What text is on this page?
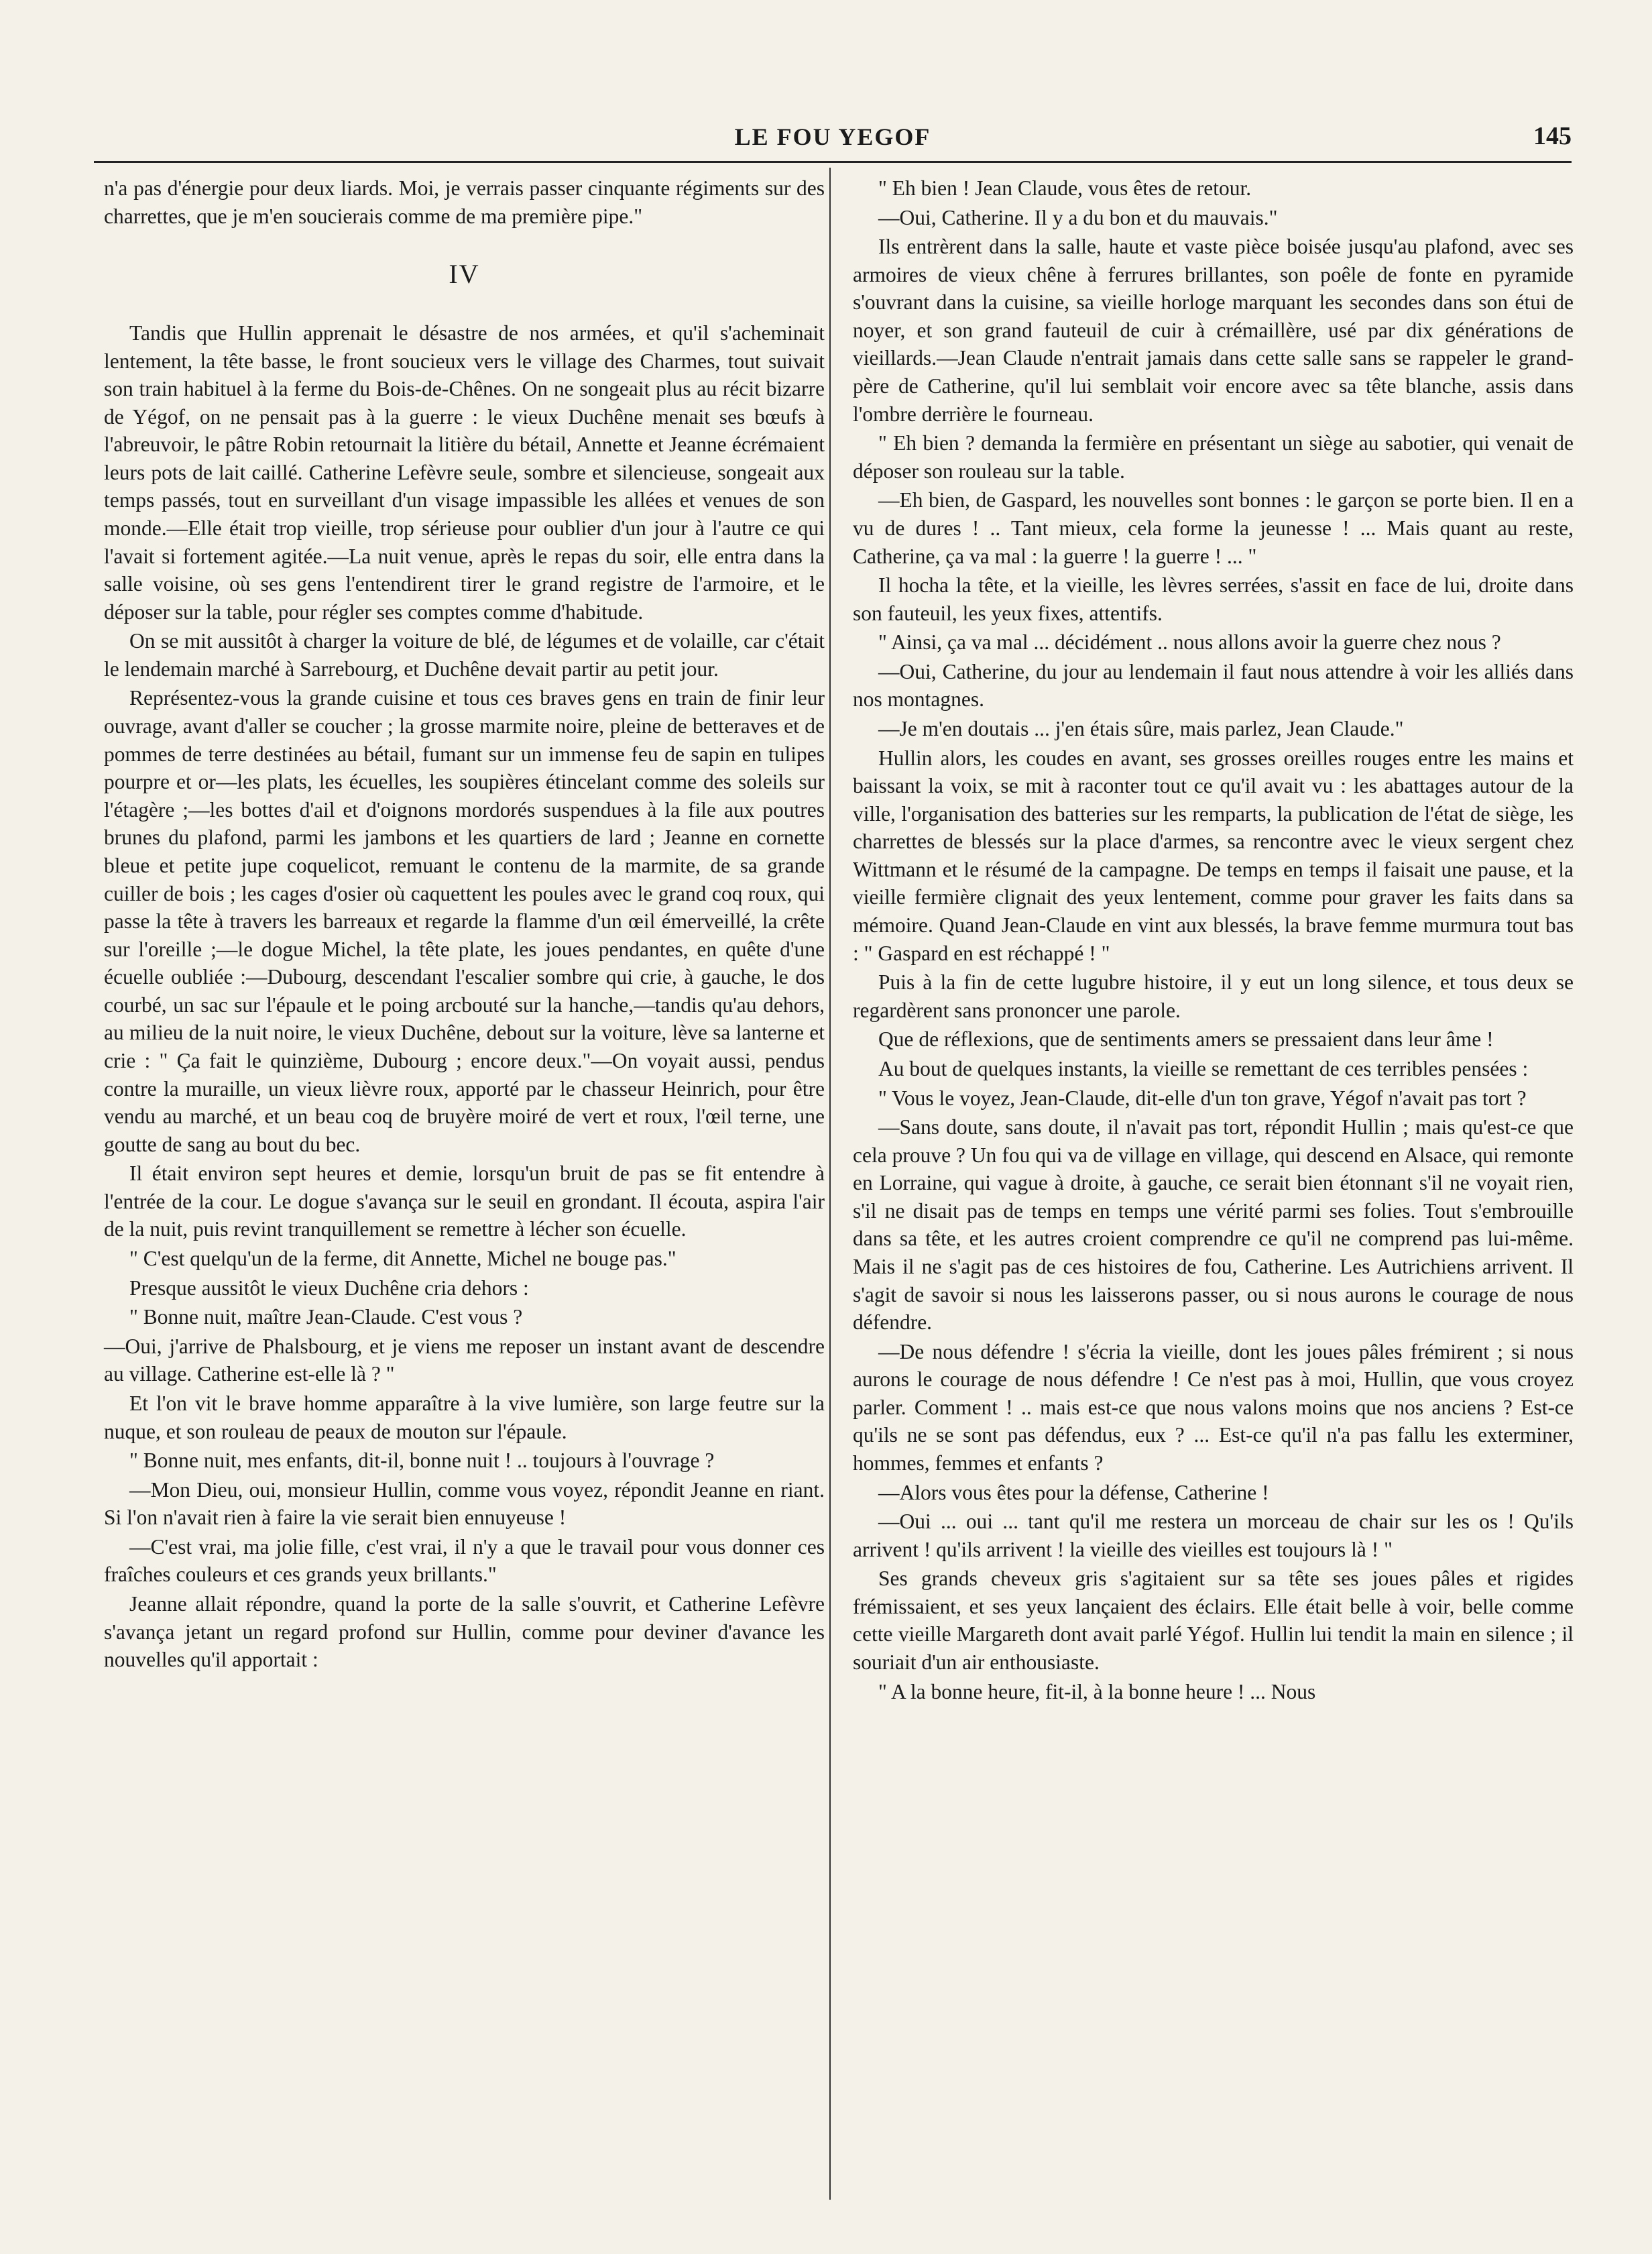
LE FOU YEGOF	145

n'a pas d'énergie pour deux liards. Moi, je verrais passer cinquante régiments sur des charrettes, que je m'en soucierais comme de ma première pipe."

IV

Tandis que Hullin apprenait le désastre de nos armées, et qu'il s'acheminait lentement, la tête basse, le front soucieux vers le village des Charmes, tout suivait son train habituel à la ferme du Bois-de-Chênes. On ne songeait plus au récit bizarre de Yégof, on ne pensait pas à la guerre : le vieux Duchêne menait ses bœufs à l'abreuvoir, le pâtre Robin retournait la litière du bétail, Annette et Jeanne écrémaient leurs pots de lait caillé. Catherine Lefèvre seule, sombre et silencieuse, songeait aux temps passés, tout en surveillant d'un visage impassible les allées et venues de son monde.—Elle était trop vieille, trop sérieuse pour oublier d'un jour à l'autre ce qui l'avait si fortement agitée.—La nuit venue, après le repas du soir, elle entra dans la salle voisine, où ses gens l'entendirent tirer le grand registre de l'armoire, et le déposer sur la table, pour régler ses comptes comme d'habitude.

On se mit aussitôt à charger la voiture de blé, de légumes et de volaille, car c'était le lendemain marché à Sarrebourg, et Duchêne devait partir au petit jour.

Représentez-vous la grande cuisine et tous ces braves gens en train de finir leur ouvrage, avant d'aller se coucher ; la grosse marmite noire, pleine de betteraves et de pommes de terre destinées au bétail, fumant sur un immense feu de sapin en tulipes pourpre et or—les plats, les écuelles, les soupières étincelant comme des soleils sur l'étagère ;—les bottes d'ail et d'oignons mordorés suspendues à la file aux poutres brunes du plafond, parmi les jambons et les quartiers de lard ; Jeanne en cornette bleue et petite jupe coquelicot, remuant le contenu de la marmite, de sa grande cuiller de bois ; les cages d'osier où caquettent les poules avec le grand coq roux, qui passe la tête à travers les barreaux et regarde la flamme d'un œil émerveillé, la crête sur l'oreille ;—le dogue Michel, la tête plate, les joues pendantes, en quête d'une écuelle oubliée :—Dubourg, descendant l'escalier sombre qui crie, à gauche, le dos courbé, un sac sur l'épaule et le poing arcbouté sur la hanche,—tandis qu'au dehors, au milieu de la nuit noire, le vieux Duchêne, debout sur la voiture, lève sa lanterne et crie : " Ça fait le quinzième, Dubourg ; encore deux."—On voyait aussi, pendus contre la muraille, un vieux lièvre roux, apporté par le chasseur Heinrich, pour être vendu au marché, et un beau coq de bruyère moiré de vert et roux, l'œil terne, une goutte de sang au bout du bec.

Il était environ sept heures et demie, lorsqu'un bruit de pas se fit entendre à l'entrée de la cour. Le dogue s'avança sur le seuil en grondant. Il écouta, aspira l'air de la nuit, puis revint tranquillement se remettre à lécher son écuelle.

" C'est quelqu'un de la ferme, dit Annette, Michel ne bouge pas."

Presque aussitôt le vieux Duchêne cria dehors :

" Bonne nuit, maître Jean-Claude. C'est vous ?

—Oui, j'arrive de Phalsbourg, et je viens me reposer un instant avant de descendre au village. Catherine est-elle là ? "

Et l'on vit le brave homme apparaître à la vive lumière, son large feutre sur la nuque, et son rouleau de peaux de mouton sur l'épaule.

" Bonne nuit, mes enfants, dit-il, bonne nuit ! .. toujours à l'ouvrage ?

—Mon Dieu, oui, monsieur Hullin, comme vous voyez, répondit Jeanne en riant. Si l'on n'avait rien à faire la vie serait bien ennuyeuse !

—C'est vrai, ma jolie fille, c'est vrai, il n'y a que le travail pour vous donner ces fraîches couleurs et ces grands yeux brillants."

Jeanne allait répondre, quand la porte de la salle s'ouvrit, et Catherine Lefèvre s'avança jetant un regard profond sur Hullin, comme pour deviner d'avance les nouvelles qu'il apportait :

" Eh bien ! Jean Claude, vous êtes de retour.

—Oui, Catherine. Il y a du bon et du mauvais."

Ils entrèrent dans la salle, haute et vaste pièce boisée jusqu'au plafond, avec ses armoires de vieux chêne à ferrures brillantes, son poêle de fonte en pyramide s'ouvrant dans la cuisine, sa vieille horloge marquant les secondes dans son étui de noyer, et son grand fauteuil de cuir à crémaillère, usé par dix générations de vieillards.—Jean Claude n'entrait jamais dans cette salle sans se rappeler le grand-père de Catherine, qu'il lui semblait voir encore avec sa tête blanche, assis dans l'ombre derrière le fourneau.

" Eh bien ? demanda la fermière en présentant un siège au sabotier, qui venait de déposer son rouleau sur la table.

—Eh bien, de Gaspard, les nouvelles sont bonnes : le garçon se porte bien. Il en a vu de dures ! .. Tant mieux, cela forme la jeunesse ! ... Mais quant au reste, Catherine, ça va mal : la guerre ! la guerre ! ... "

Il hocha la tête, et la vieille, les lèvres serrées, s'assit en face de lui, droite dans son fauteuil, les yeux fixes, attentifs.

" Ainsi, ça va mal ... décidément .. nous allons avoir la guerre chez nous ?

—Oui, Catherine, du jour au lendemain il faut nous attendre à voir les alliés dans nos montagnes.

—Je m'en doutais ... j'en étais sûre, mais parlez, Jean Claude."

Hullin alors, les coudes en avant, ses grosses oreilles rouges entre les mains et baissant la voix, se mit à raconter tout ce qu'il avait vu : les abattages autour de la ville, l'organisation des batteries sur les remparts, la publication de l'état de siège, les charrettes de blessés sur la place d'armes, sa rencontre avec le vieux sergent chez Wittmann et le résumé de la campagne. De temps en temps il faisait une pause, et la vieille fermière clignait des yeux lentement, comme pour graver les faits dans sa mémoire. Quand Jean-Claude en vint aux blessés, la brave femme murmura tout bas : " Gaspard en est réchappé ! "

Puis à la fin de cette lugubre histoire, il y eut un long silence, et tous deux se regardèrent sans prononcer une parole.

Que de réflexions, que de sentiments amers se pressaient dans leur âme !

Au bout de quelques instants, la vieille se remettant de ces terribles pensées :

" Vous le voyez, Jean-Claude, dit-elle d'un ton grave, Yégof n'avait pas tort ?

—Sans doute, sans doute, il n'avait pas tort, répondit Hullin ; mais qu'est-ce que cela prouve ? Un fou qui va de village en village, qui descend en Alsace, qui remonte en Lorraine, qui vague à droite, à gauche, ce serait bien étonnant s'il ne voyait rien, s'il ne disait pas de temps en temps une vérité parmi ses folies. Tout s'embrouille dans sa tête, et les autres croient comprendre ce qu'il ne comprend pas lui-même. Mais il ne s'agit pas de ces histoires de fou, Catherine. Les Autrichiens arrivent. Il s'agit de savoir si nous les laisserons passer, ou si nous aurons le courage de nous défendre.

—De nous défendre ! s'écria la vieille, dont les joues pâles frémirent ; si nous aurons le courage de nous défendre ! Ce n'est pas à moi, Hullin, que vous croyez parler. Comment ! .. mais est-ce que nous valons moins que nos anciens ? Est-ce qu'ils ne se sont pas défendus, eux ? ... Est-ce qu'il n'a pas fallu les exterminer, hommes, femmes et enfants ?

—Alors vous êtes pour la défense, Catherine !

—Oui ... oui ... tant qu'il me restera un morceau de chair sur les os ! Qu'ils arrivent ! qu'ils arrivent ! la vieille des vieilles est toujours là ! "

Ses grands cheveux gris s'agitaient sur sa tête ses joues pâles et rigides frémissaient, et ses yeux lançaient des éclairs. Elle était belle à voir, belle comme cette vieille Margareth dont avait parlé Yégof. Hullin lui tendit la main en silence ; il souriait d'un air enthousiaste.

" A la bonne heure, fit-il, à la bonne heure ! ... Nous
